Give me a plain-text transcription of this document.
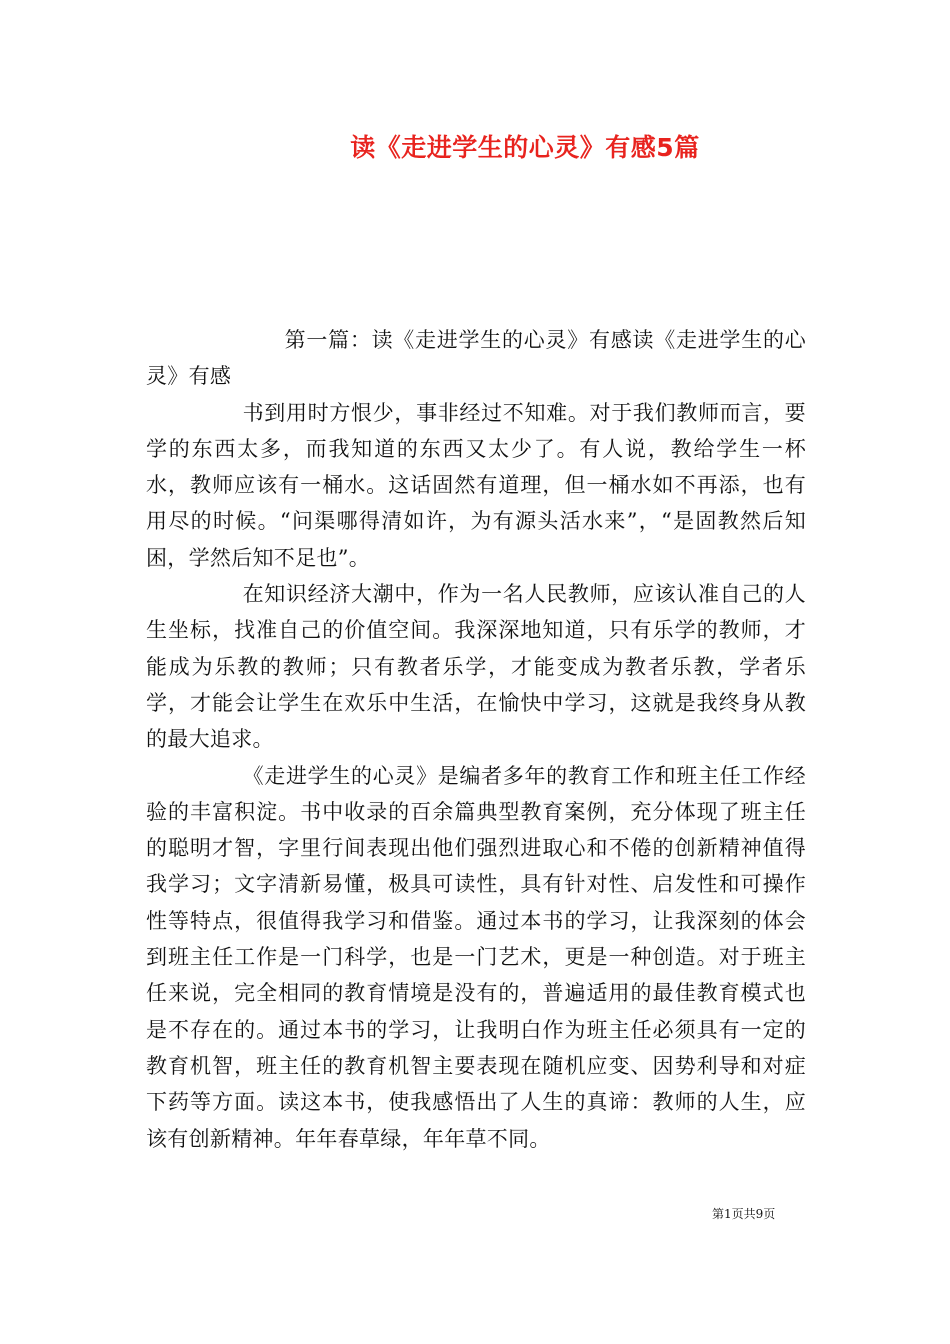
读《走进学生的心灵》有感5篇

第一篇：读《走进学生的心灵》有感读《走进学生的心灵》有感

书到用时方恨少，事非经过不知难。对于我们教师而言，要学的东西太多，而我知道的东西又太少了。有人说，教给学生一杯水，教师应该有一桶水。这话固然有道理，但一桶水如不再添，也有用尽的时候。“问渠哪得清如许，为有源头活水来”，“是固教然后知困，学然后知不足也”。

在知识经济大潮中，作为一名人民教师，应该认准自己的人生坐标，找准自己的价值空间。我深深地知道，只有乐学的教师，才能成为乐教的教师；只有教者乐学，才能变成为教者乐教，学者乐学，才能会让学生在欢乐中生活，在愉快中学习，这就是我终身从教的最大追求。

《走进学生的心灵》是编者多年的教育工作和班主任工作经验的丰富积淀。书中收录的百余篇典型教育案例，充分体现了班主任的聪明才智，字里行间表现出他们强烈进取心和不倦的创新精神值得我学习；文字清新易懂，极具可读性，具有针对性、启发性和可操作性等特点，很值得我学习和借鉴。通过本书的学习，让我深刻的体会到班主任工作是一门科学，也是一门艺术，更是一种创造。对于班主任来说，完全相同的教育情境是没有的，普遍适用的最佳教育模式也是不存在的。通过本书的学习，让我明白作为班主任必须具有一定的教育机智，班主任的教育机智主要表现在随机应变、因势利导和对症下药等方面。读这本书，使我感悟出了人生的真谛：教师的人生，应该有创新精神。年年春草绿，年年草不同。

第1页共9页
